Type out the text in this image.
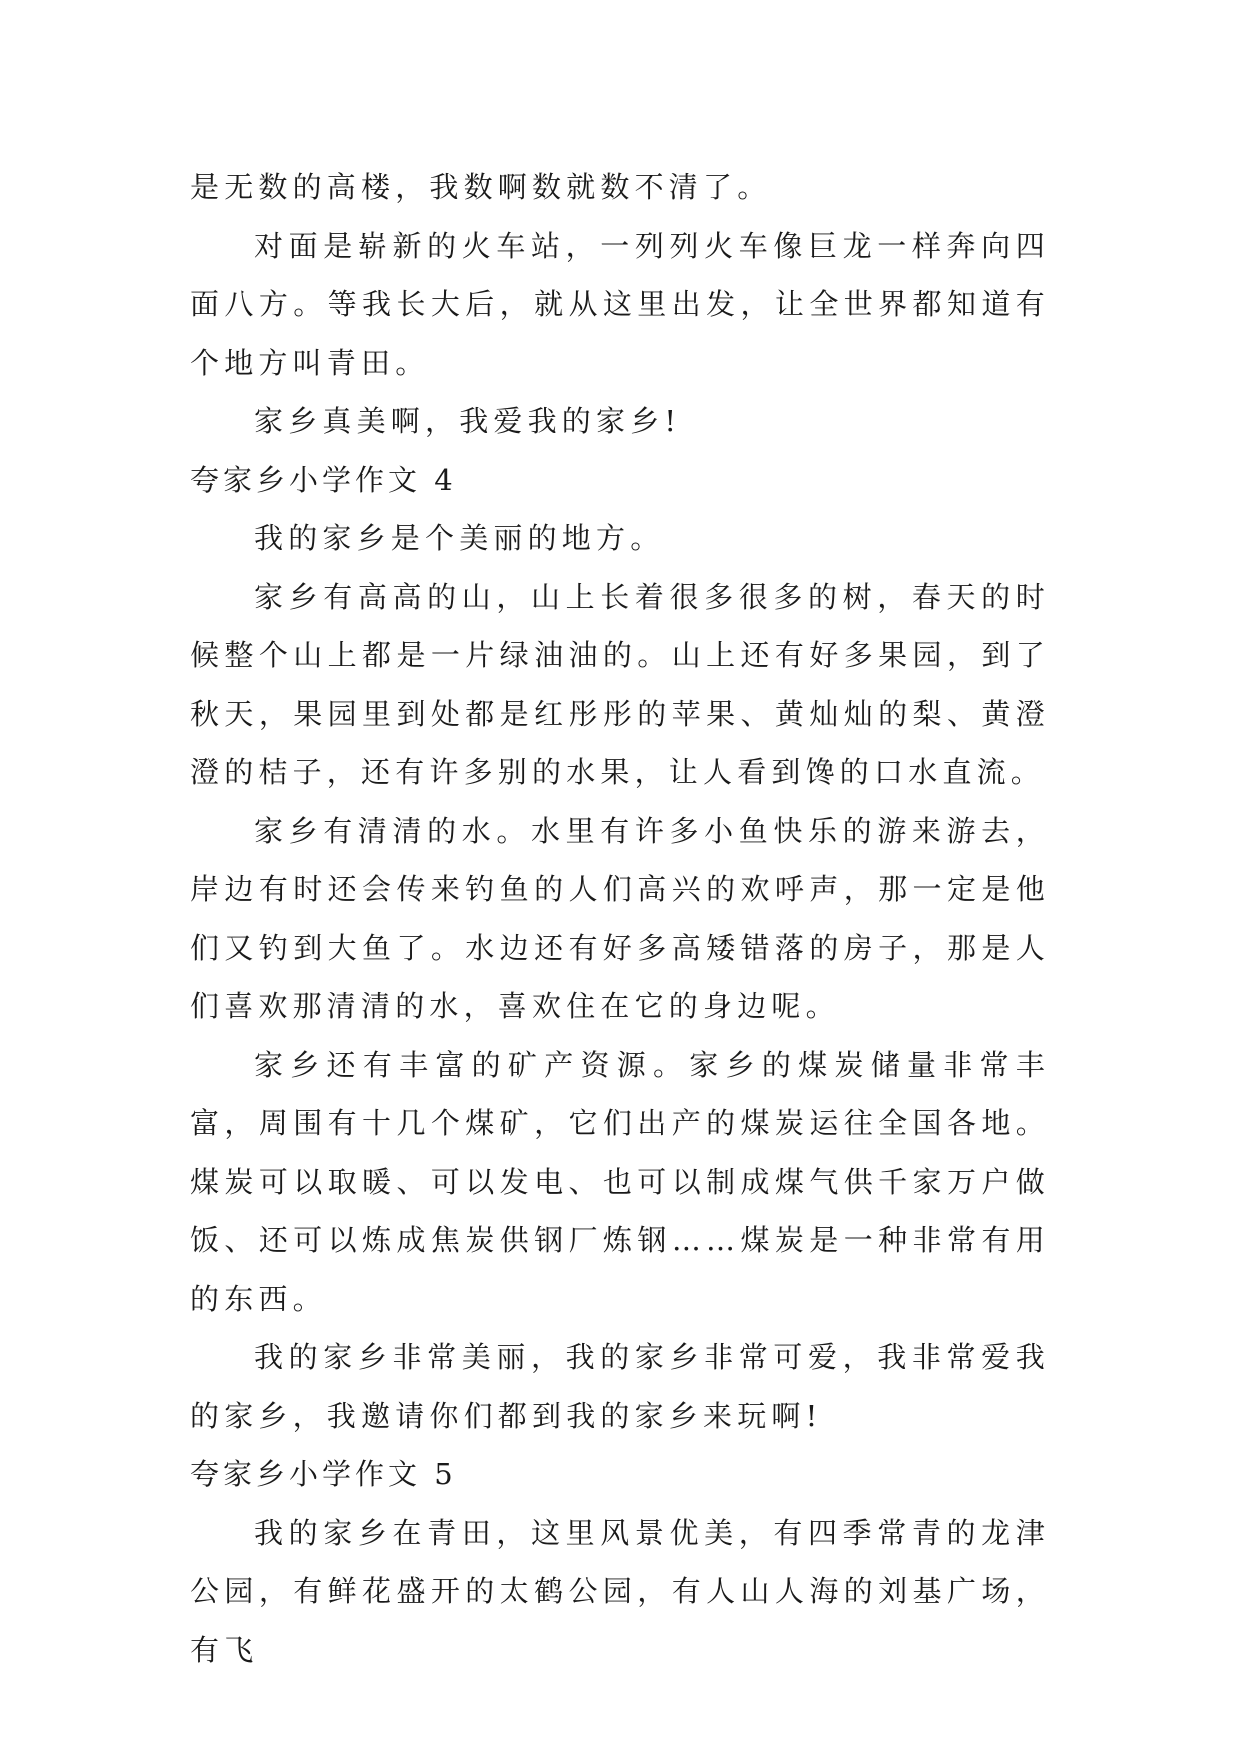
是无数的高楼，我数啊数就数不清了。

对面是崭新的火车站，一列列火车像巨龙一样奔向四面八方。等我长大后，就从这里出发，让全世界都知道有个地方叫青田。

家乡真美啊，我爱我的家乡!

夸家乡小学作文 4

我的家乡是个美丽的地方。

家乡有高高的山，山上长着很多很多的树，春天的时候整个山上都是一片绿油油的。山上还有好多果园，到了秋天，果园里到处都是红彤彤的苹果、黄灿灿的梨、黄澄澄的桔子，还有许多别的水果，让人看到馋的口水直流。

家乡有清清的水。水里有许多小鱼快乐的游来游去，岸边有时还会传来钓鱼的人们高兴的欢呼声，那一定是他们又钓到大鱼了。水边还有好多高矮错落的房子，那是人们喜欢那清清的水，喜欢住在它的身边呢。

家乡还有丰富的矿产资源。家乡的煤炭储量非常丰富，周围有十几个煤矿，它们出产的煤炭运往全国各地。煤炭可以取暖、可以发电、也可以制成煤气供千家万户做饭、还可以炼成焦炭供钢厂炼钢……煤炭是一种非常有用的东西。

我的家乡非常美丽，我的家乡非常可爱，我非常爱我的家乡，我邀请你们都到我的家乡来玩啊!

夸家乡小学作文 5

我的家乡在青田，这里风景优美，有四季常青的龙津公园，有鲜花盛开的太鹤公园，有人山人海的刘基广场，有飞
